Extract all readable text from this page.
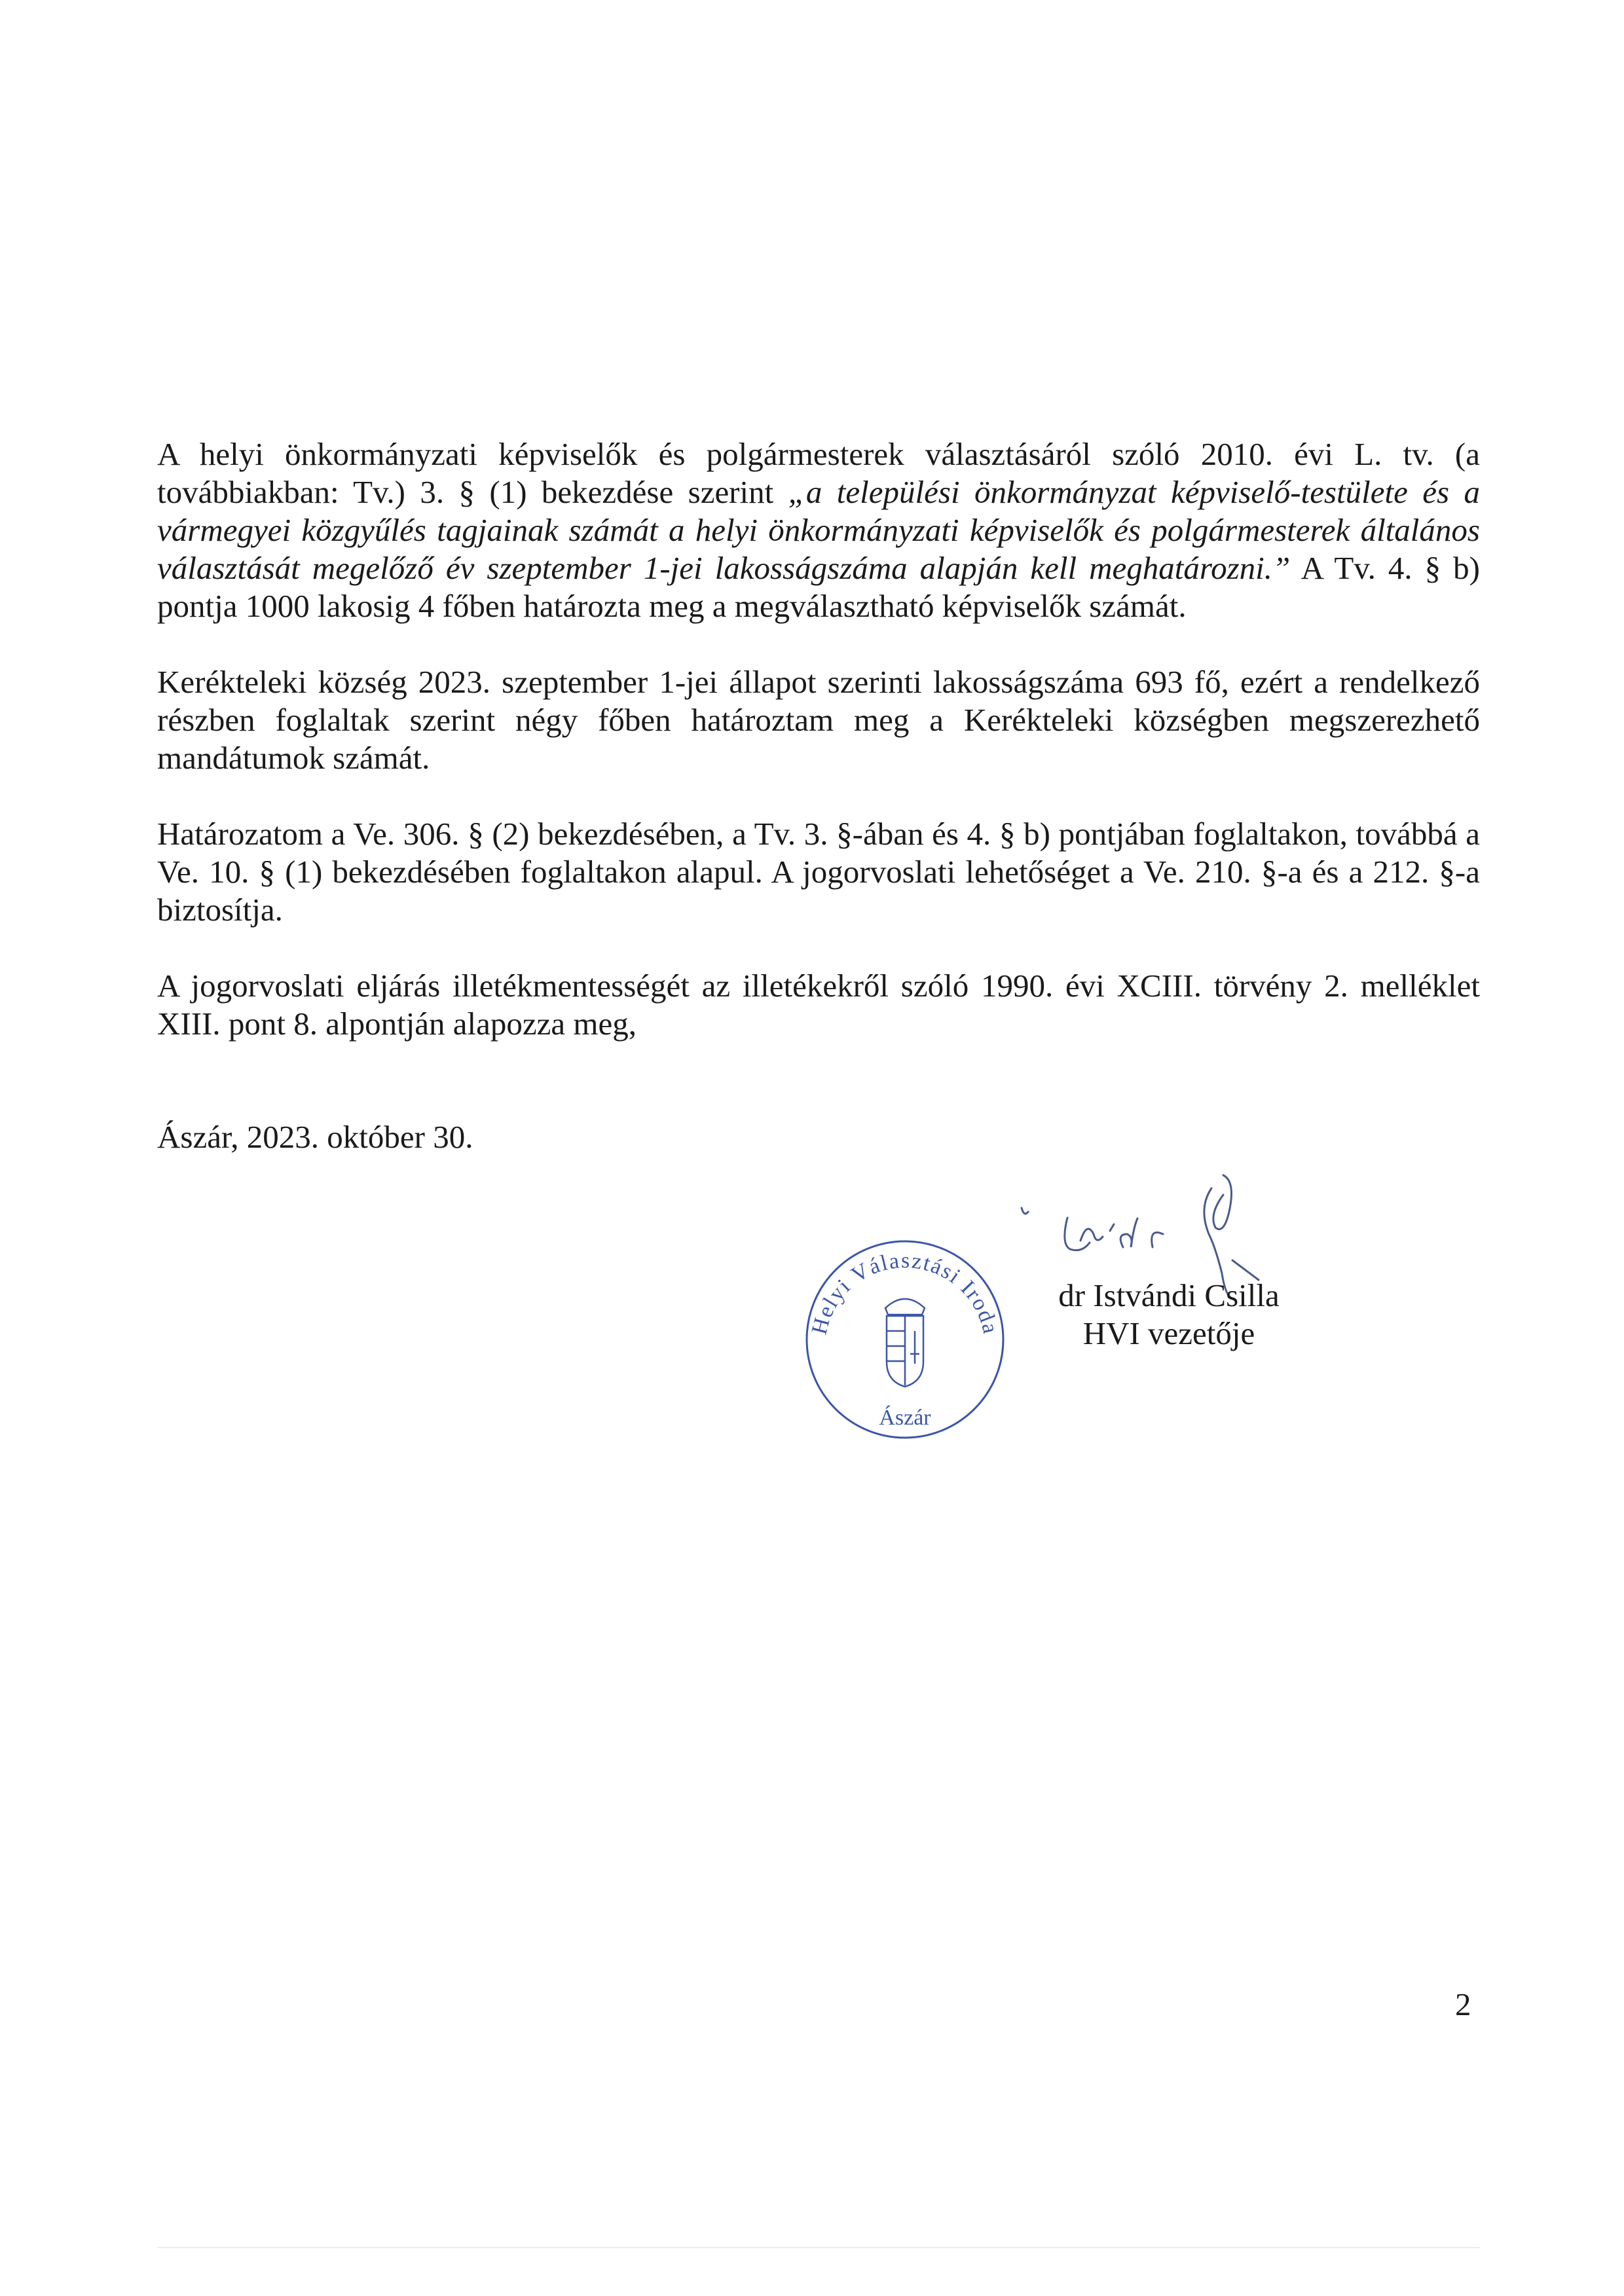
A helyi önkormányzati képviselők és polgármesterek választásáról szóló 2010. évi L. tv. (a továbbiakban: Tv.) 3. § (1) bekezdése szerint „a települési önkormányzat képviselő-testülete és a vármegyei közgyűlés tagjainak számát a helyi önkormányzati képviselők és polgármesterek általános választását megelőző év szeptember 1-jei lakosságszáma alapján kell meghatározni.” A Tv. 4. § b) pontja 1000 lakosig 4 főben határozta meg a megválasztható képviselők számát.

Kerékteleki község 2023. szeptember 1-jei állapot szerinti lakosságszáma 693 fő, ezért a rendelkező részben foglaltak szerint négy főben határoztam meg a Kerékteleki községben megszerezhető mandátumok számát.

Határozatom a Ve. 306. § (2) bekezdésében, a Tv. 3. §-ában és 4. § b) pontjában foglaltakon, továbbá a Ve. 10. § (1) bekezdésében foglaltakon alapul. A jogorvoslati lehetőséget a Ve. 210. §-a és a 212. §-a biztosítja.

A jogorvoslati eljárás illetékmentességét az illetékekről szóló 1990. évi XCIII. törvény 2. melléklet XIII. pont 8. alpontján alapozza meg,

Ászár, 2023. október 30.
Helyi Választási Iroda
Ászár
dr Istvándi Csilla
HVI vezetője
2
